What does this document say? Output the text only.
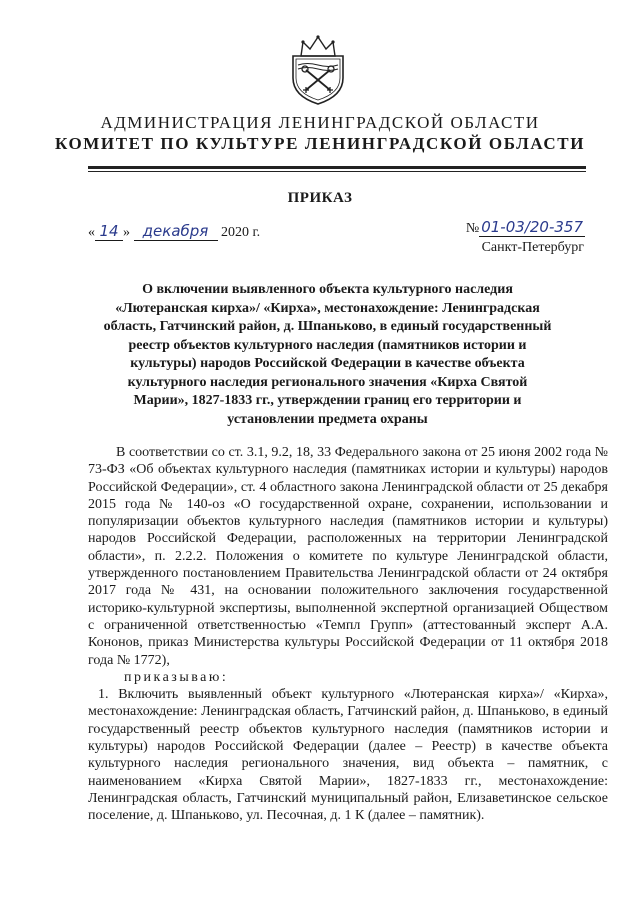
АДМИНИСТРАЦИЯ ЛЕНИНГРАДСКОЙ ОБЛАСТИ
КОМИТЕТ ПО КУЛЬТУРЕ ЛЕНИНГРАДСКОЙ ОБЛАСТИ
ПРИКАЗ
« 14 » декабря 2020 г.	№ 01-03/20-357
Санкт-Петербург
О включении выявленного объекта культурного наследия «Лютеранская кирха»/ «Кирха», местонахождение: Ленинградская область, Гатчинский район, д. Шпаньково, в единый государственный реестр объектов культурного наследия (памятников истории и культуры) народов Российской Федерации в качестве объекта культурного наследия регионального значения «Кирха Святой Марии», 1827-1833 гг., утверждении границ его территории и установлении предмета охраны

В соответствии со ст. 3.1, 9.2, 18, 33 Федерального закона от 25 июня 2002 года № 73-ФЗ «Об объектах культурного наследия (памятниках истории и культуры) народов Российской Федерации», ст. 4 областного закона Ленинградской области от 25 декабря 2015 года № 140-оз «О государственной охране, сохранении, использовании и популяризации объектов культурного наследия (памятников истории и культуры) народов Российской Федерации, расположенных на территории Ленинградской области», п. 2.2.2. Положения о комитете по культуре Ленинградской области, утвержденного постановлением Правительства Ленинградской области от 24 октября 2017 года № 431, на основании положительного заключения государственной историко-культурной экспертизы, выполненной экспертной организацией Обществом с ограниченной ответственностью «Темпл Групп» (аттестованный эксперт А.А. Кононов, приказ Министерства культуры Российской Федерации от 11 октября 2018 года № 1772),

приказываю:

1. Включить выявленный объект культурного «Лютеранская кирха»/ «Кирха», местонахождение: Ленинградская область, Гатчинский район, д. Шпаньково, в единый государственный реестр объектов культурного наследия (памятников истории и культуры) народов Российской Федерации (далее – Реестр) в качестве объекта культурного наследия регионального значения, вид объекта – памятник, с наименованием «Кирха Святой Марии», 1827-1833 гг., местонахождение: Ленинградская область, Гатчинский муниципальный район, Елизаветинское сельское поселение, д. Шпаньково, ул. Песочная, д. 1 К (далее – памятник).
